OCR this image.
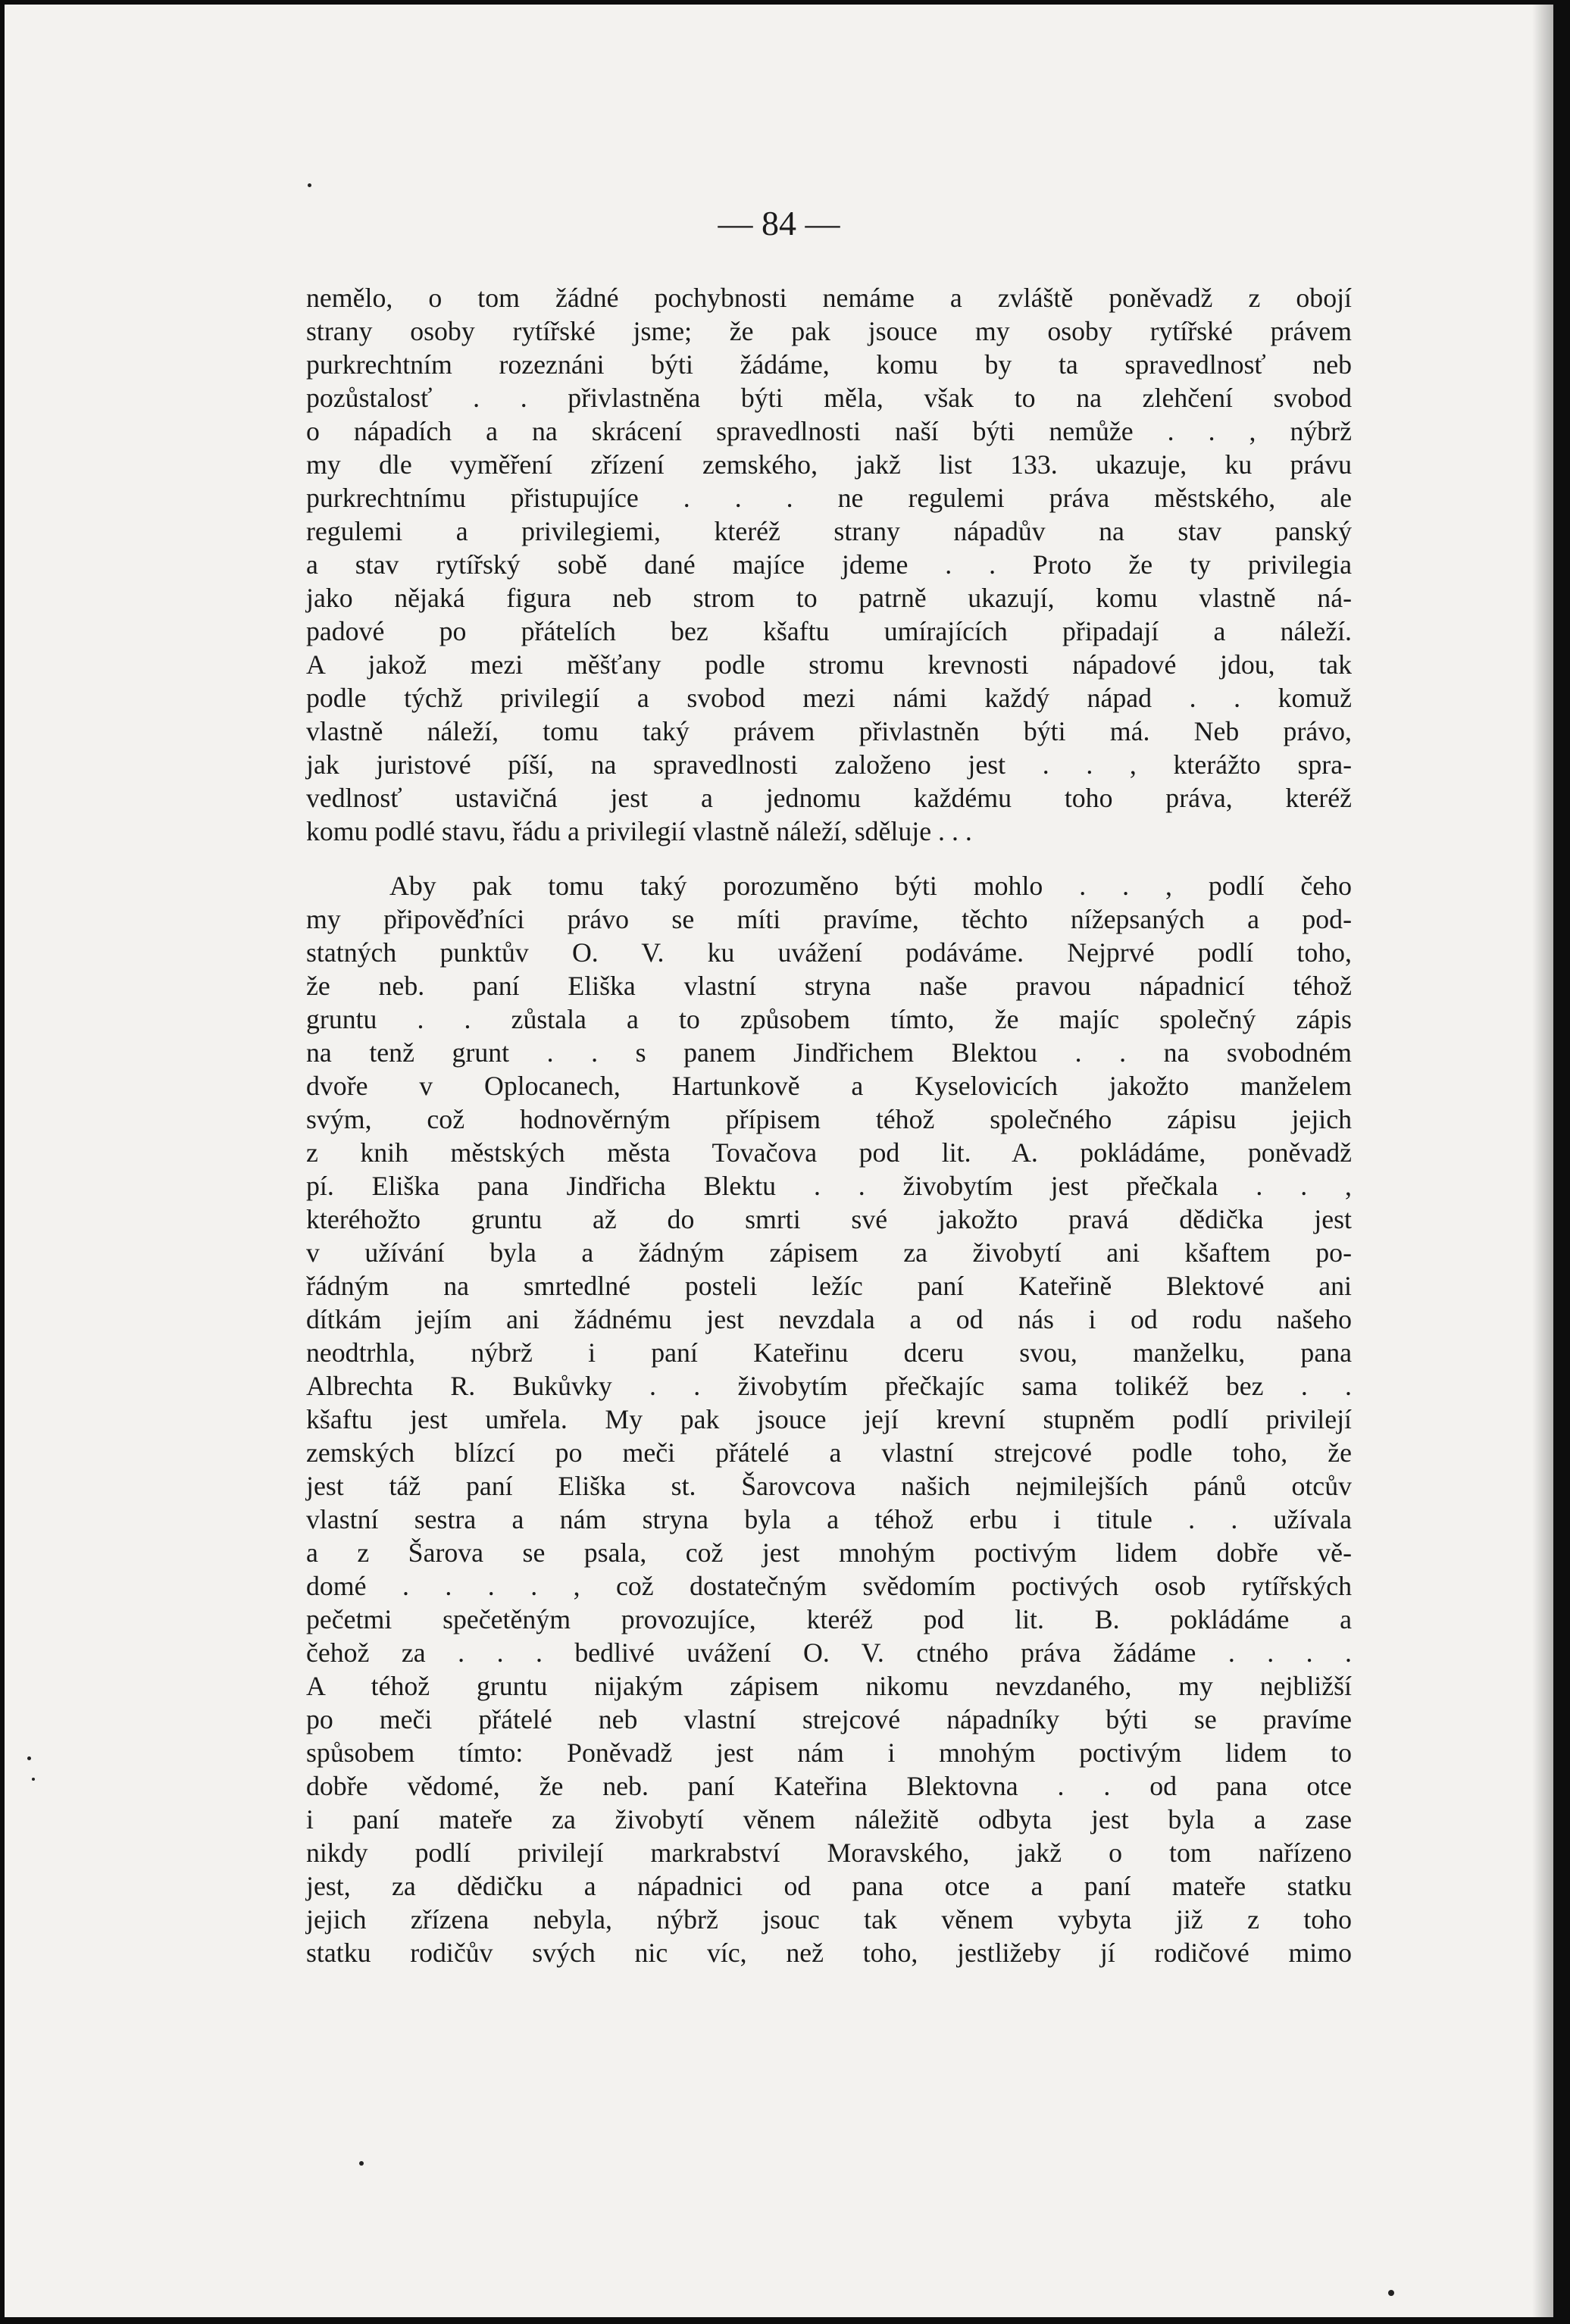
— 84 —

nemělo, o tom žádné pochybnosti nemáme a zvláště poněvadž z obojí
strany osoby rytířské jsme; že pak jsouce my osoby rytířské právem
purkrechtním rozeznáni býti žádáme, komu by ta spravedlnosť neb
pozůstalosť . . přivlastněna býti měla, však to na zlehčení svobod
o nápadích a na skrácení spravedlnosti naší býti nemůže . . , nýbrž
my dle vyměření zřízení zemského, jakž list 133. ukazuje, ku právu
purkrechtnímu přistupujíce . . . ne regulemi práva městského, ale
regulemi a privilegiemi, kteréž strany nápadův na stav panský
a stav rytířský sobě dané majíce jdeme . . Proto že ty privilegia
jako nějaká figura neb strom to patrně ukazují, komu vlastně ná-
padové po přátelích bez kšaftu umírajících připadají a náleží.
A jakož mezi měšťany podle stromu krevnosti nápadové jdou, tak
podle týchž privilegií a svobod mezi námi každý nápad . . komuž
vlastně náleží, tomu taký právem přivlastněn býti má. Neb právo,
jak juristové píší, na spravedlnosti založeno jest . . , kterážto spra-
vedlnosť ustavičná jest a jednomu každému toho práva, kteréž
komu podlé stavu, řádu a privilegií vlastně náleží, sděluje . . .
Aby pak tomu taký porozuměno býti mohlo . . , podlí čeho
my připověďníci právo se míti pravíme, těchto nížepsaných a pod-
statných punktův O. V. ku uvážení podáváme. Nejprvé podlí toho,
že neb. paní Eliška vlastní stryna naše pravou nápadnicí téhož
gruntu . . zůstala a to způsobem tímto, že majíc společný zápis
na tenž grunt . . s panem Jindřichem Blektou . . na svobodném
dvoře v Oplocanech, Hartunkově a Kyselovicích jakožto manželem
svým, což hodnověrným přípisem téhož společného zápisu jejich
z knih městských města Tovačova pod lit. A. pokládáme, poněvadž
pí. Eliška pana Jindřicha Blektu . . živobytím jest přečkala . . ,
kteréhožto gruntu až do smrti své jakožto pravá dědička jest
v užívání byla a žádným zápisem za živobytí ani kšaftem po-
řádným na smrtedlné posteli ležíc paní Kateřině Blektové ani
dítkám jejím ani žádnému jest nevzdala a od nás i od rodu našeho
neodtrhla, nýbrž i paní Kateřinu dceru svou, manželku, pana
Albrechta R. Bukůvky . . živobytím přečkajíc sama tolikéž bez . .
kšaftu jest umřela. My pak jsouce její krevní stupněm podlí privilejí
zemských blízcí po meči přátelé a vlastní strejcové podle toho, že
jest táž paní Eliška st. Šarovcova našich nejmilejších pánů otcův
vlastní sestra a nám stryna byla a téhož erbu i titule . . užívala
a z Šarova se psala, což jest mnohým poctivým lidem dobře vě-
domé . . . . , což dostatečným svědomím poctivých osob rytířských
pečetmi spečetěným provozujíce, kteréž pod lit. B. pokládáme a
čehož za . . . bedlivé uvážení O. V. ctného práva žádáme . . . .
A téhož gruntu nijakým zápisem nikomu nevzdaného, my nejbližší
po meči přátelé neb vlastní strejcové nápadníky býti se pravíme
spůsobem tímto: Poněvadž jest nám i mnohým poctivým lidem to
dobře vědomé, že neb. paní Kateřina Blektovna . . od pana otce
i paní mateře za živobytí věnem náležitě odbyta jest byla a zase
nikdy podlí privilejí markrabství Moravského, jakž o tom nařízeno
jest, za dědičku a nápadnici od pana otce a paní mateře statku
jejich zřízena nebyla, nýbrž jsouc tak věnem vybyta již z toho
statku rodičův svých nic víc, než toho, jestližeby jí rodičové mimo
